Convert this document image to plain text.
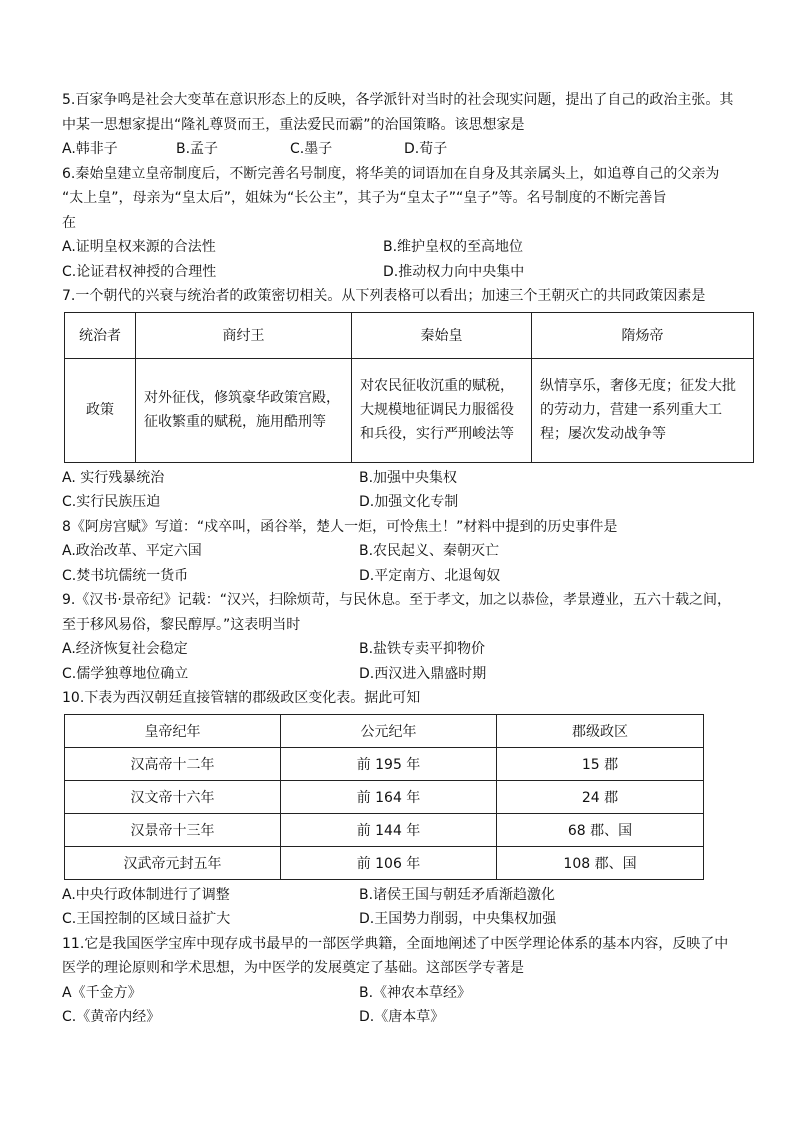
5.百家争鸣是社会大变革在意识形态上的反映，各学派针对当时的社会现实问题，提出了自己的政治主张。其
中某一思想家提出“隆礼尊贤而王，重法爱民而霸”的治国策略。该思想家是
A.韩非子	B.孟子	C.墨子	D.荀子
6.秦始皇建立皇帝制度后，不断完善名号制度，将华美的词语加在自身及其亲属头上，如追尊自己的父亲为
“太上皇”，母亲为“皇太后”，姐妹为“长公主”，其子为“皇太子”“皇子”等。名号制度的不断完善旨
在
A.证明皇权来源的合法性	B.维护皇权的至高地位
C.论证君权神授的合理性	D.推动权力向中央集中
7.一个朝代的兴衰与统治者的政策密切相关。从下列表格可以看出；加速三个王朝灭亡的共同政策因素是
统治者	商纣王	秦始皇	隋炀帝
政策	对外征伐，修筑豪华政策宫殿，征收繁重的赋税，施用酷刑等	对农民征收沉重的赋税，大规模地征调民力服徭役和兵役，实行严刑峻法等	纵情享乐，奢侈无度；征发大批的劳动力，营建一系列重大工程；屡次发动战争等
A. 实行残暴统治	B.加强中央集权
C.实行民族压迫	D.加强文化专制
8《阿房宫赋》写道：“戍卒叫，函谷举，楚人一炬，可怜焦土！”材料中提到的历史事件是
A.政治改革、平定六国	B.农民起义、秦朝灭亡
C.焚书坑儒统一货币	D.平定南方、北退匈奴
9.《汉书·景帝纪》记载：“汉兴，扫除烦苛，与民休息。至于孝文，加之以恭俭，孝景遵业，五六十载之间，
至于移风易俗，黎民醇厚。”这表明当时
A.经济恢复社会稳定	B.盐铁专卖平抑物价
C.儒学独尊地位确立	D.西汉进入鼎盛时期
10.下表为西汉朝廷直接管辖的郡级政区变化表。据此可知
皇帝纪年	公元纪年	郡级政区
汉高帝十二年	前 195 年	15 郡
汉文帝十六年	前 164 年	24 郡
汉景帝十三年	前 144 年	68 郡、国
汉武帝元封五年	前 106 年	108 郡、国
A.中央行政体制进行了调整	B.诸侯王国与朝廷矛盾渐趋激化
C.王国控制的区域日益扩大	D.王国势力削弱，中央集权加强
11.它是我国医学宝库中现存成书最早的一部医学典籍，全面地阐述了中医学理论体系的基本内容，反映了中
医学的理论原则和学术思想，为中医学的发展奠定了基础。这部医学专著是
A《千金方》	B.《神农本草经》
C.《黄帝内经》	D.《唐本草》
